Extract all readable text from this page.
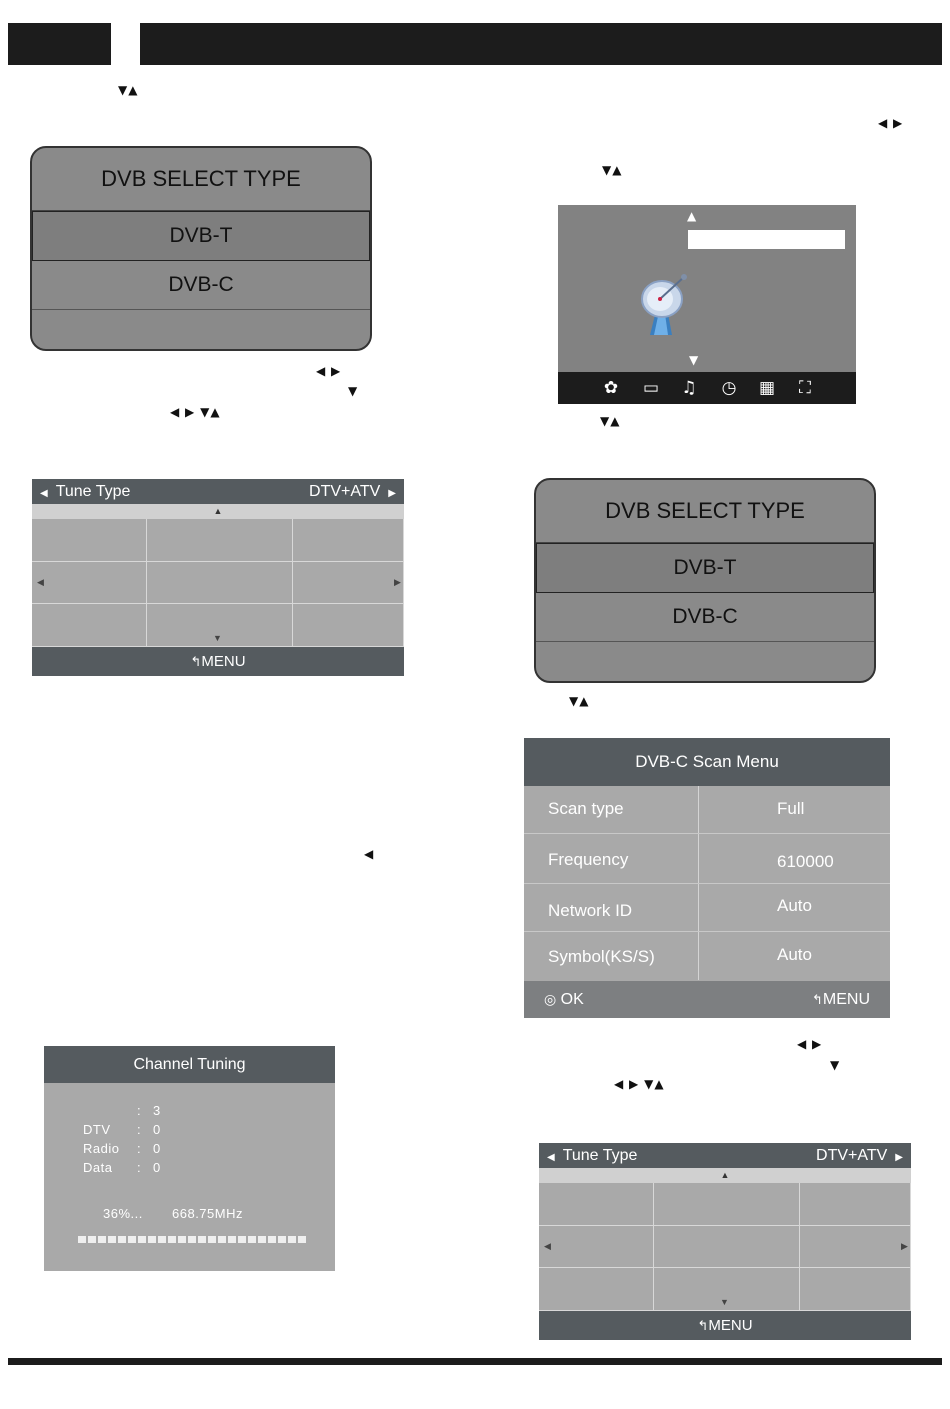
▼▲
DVB SELECT TYPE
DVB-T
DVB-C
◀ ▶
▼
◀ ▶ ▼▲
◀ Tune Type	DTV+ATV ▶
▲
◀	▶
▼
↰MENU
◀
Channel Tuning
: 3
DTV : 0
Radio : 0
Data : 0
36%... 668.75MHz
◀ ▶
▼▲
▲
▼
✿ ▭ ♫ ◷ ▦ ⛶
▼▲
DVB SELECT TYPE
DVB-T
DVB-C
▼▲
DVB-C Scan Menu
Scan type	Full
Frequency	610000
Network ID	Auto
Symbol(KS/S)	Auto
◎ OK	↰MENU
◀ ▶
▼
◀ ▶ ▼▲
◀ Tune Type	DTV+ATV ▶
▲
◀	▶
▼
↰MENU
